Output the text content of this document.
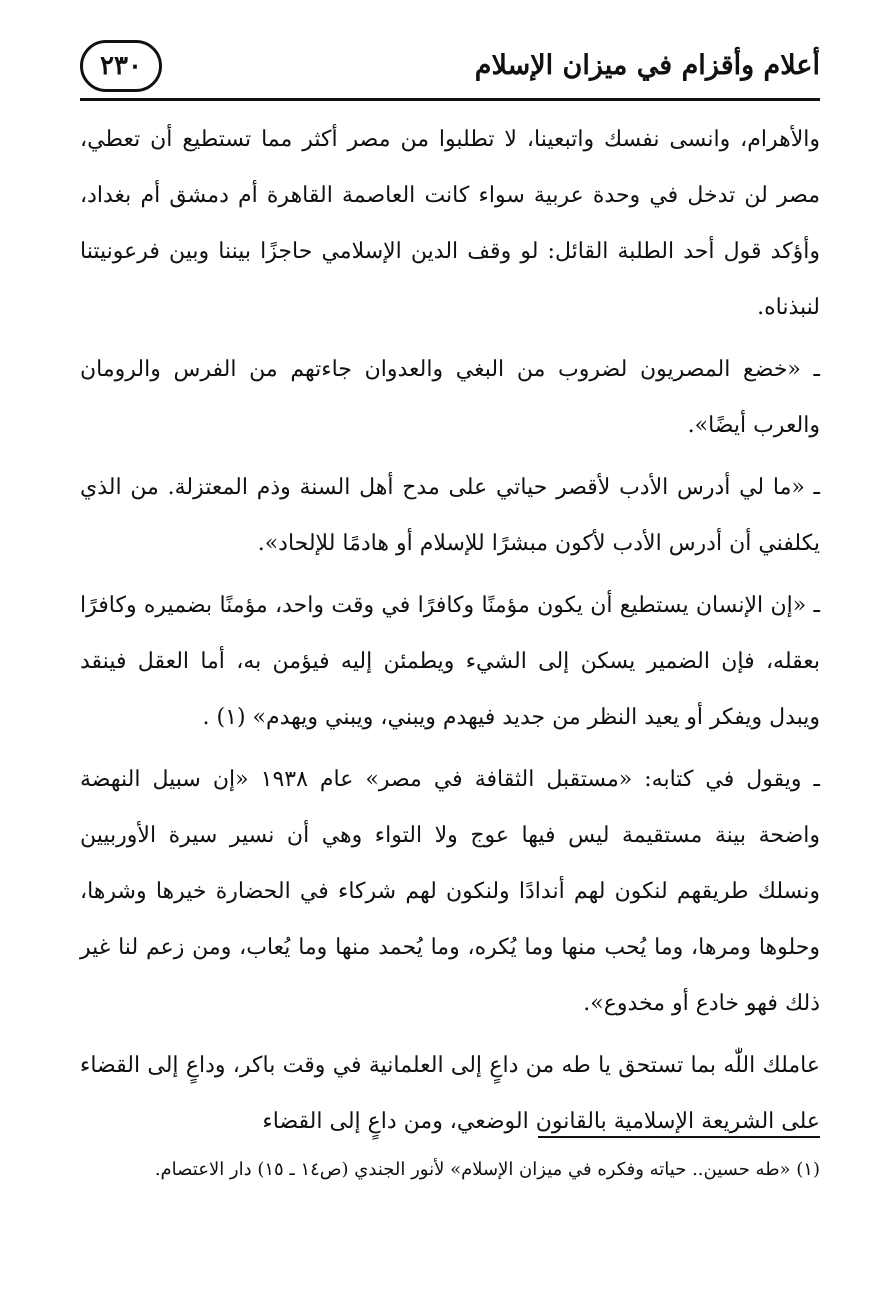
أعلام وأقزام في ميزان الإسلام
٢٣٠

والأهرام، وانسى نفسك واتبعينا، لا تطلبوا من مصر أكثر مما تستطيع أن تعطي، مصر لن تدخل في وحدة عربية سواء كانت العاصمة القاهرة أم دمشق أم بغداد، وأؤكد قول أحد الطلبة القائل: لو وقف الدين الإسلامي حاجزًا بيننا وبين فرعونيتنا لنبذناه.

ـ «خضع المصريون لضروب من البغي والعدوان جاءتهم من الفرس والرومان والعرب أيضًا».

ـ «ما لي أدرس الأدب لأقصر حياتي على مدح أهل السنة وذم المعتزلة. من الذي يكلفني أن أدرس الأدب لأكون مبشرًا للإسلام أو هادمًا للإلحاد».

ـ «إن الإنسان يستطيع أن يكون مؤمنًا وكافرًا في وقت واحد، مؤمنًا بضميره وكافرًا بعقله، فإن الضمير يسكن إلى الشيء ويطمئن إليه فيؤمن به، أما العقل فينقد ويبدل ويفكر أو يعيد النظر من جديد فيهدم ويبني، ويبني ويهدم» (١) .

ـ ويقول في كتابه: «مستقبل الثقافة في مصر» عام ١٩٣٨ «إن سبيل النهضة واضحة بينة مستقيمة ليس فيها عوج ولا التواء وهي أن نسير سيرة الأوربيين ونسلك طريقهم لنكون لهم أندادًا ولنكون لهم شركاء في الحضارة خيرها وشرها، وحلوها ومرها، وما يُحب منها وما يُكره، وما يُحمد منها وما يُعاب، ومن زعم لنا غير ذلك فهو خادع أو مخدوع».

عاملك اللّٰه بما تستحق يا طه من داعٍ إلى العلمانية في وقت باكر، وداعٍ إلى القضاء على الشريعة الإسلامية بالقانون الوضعي، ومن داعٍ إلى القضاء

(١) «طه حسين.. حياته وفكره في ميزان الإسلام» لأنور الجندي (ص١٤ ـ ١٥) دار الاعتصام.
